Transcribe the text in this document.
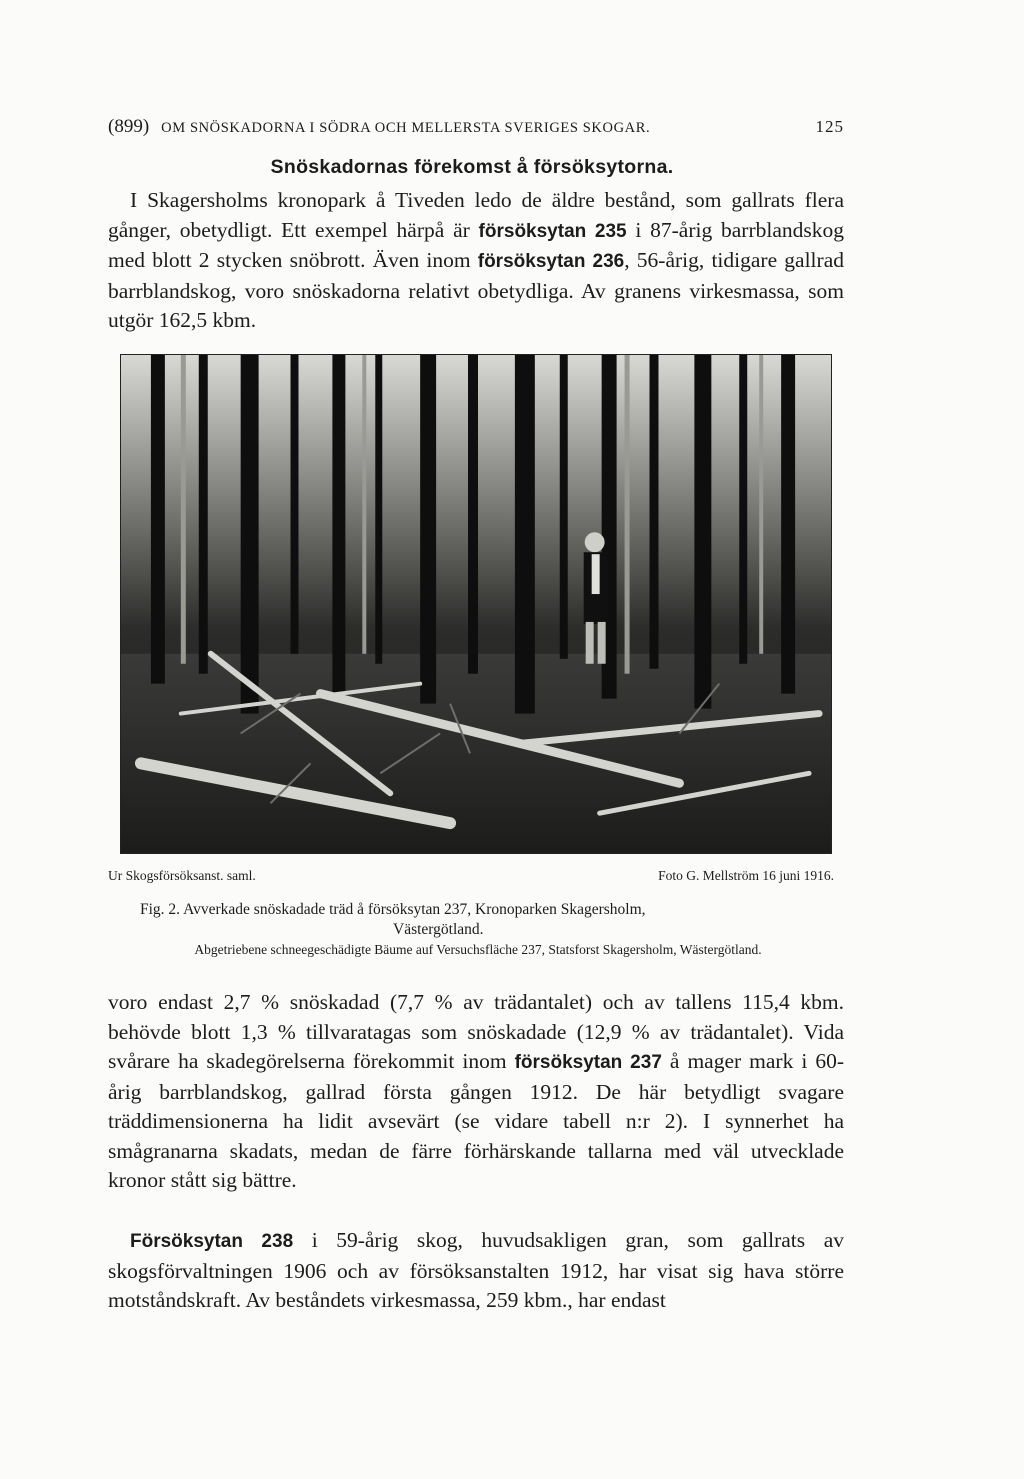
(899) OM SNÖSKADORNA I SÖDRA OCH MELLERSTA SVERIGES SKOGAR.	125
Snöskadornas förekomst å försöksytorna.
I Skagersholms kronopark å Tiveden ledo de äldre bestånd, som gallrats flera gånger, obetydligt. Ett exempel härpå är försöksytan 235 i 87-årig barrblandskog med blott 2 stycken snöbrott. Även inom försöksytan 236, 56-årig, tidigare gallrad barrblandskog, voro snöskadorna relativt obetydliga. Av granens virkesmassa, som utgör 162,5 kbm.
Ur Skogsförsöksanst. saml.	Foto G. Mellström 16 juni 1916.
Fig. 2. Avverkade snöskadade träd å försöksytan 237, Kronoparken Skagersholm,
Västergötland.
Abgetriebene schneegeschädigte Bäume auf Versuchsfläche 237, Statsforst Skagersholm, Wästergötland.
voro endast 2,7 % snöskadad (7,7 % av trädantalet) och av tallens 115,4 kbm. behövde blott 1,3 % tillvaratagas som snöskadade (12,9 % av trädantalet). Vida svårare ha skadegörelserna förekommit inom försöksytan 237 å mager mark i 60-årig barrblandskog, gallrad första gången 1912. De här betydligt svagare träddimensionerna ha lidit avsevärt (se vidare tabell n:r 2). I synnerhet ha smågranarna skadats, medan de färre förhärskande tallarna med väl utvecklade kronor stått sig bättre.
Försöksytan 238 i 59-årig skog, huvudsakligen gran, som gallrats av skogsförvaltningen 1906 och av försöksanstalten 1912, har visat sig hava större motståndskraft. Av beståndets virkesmassa, 259 kbm., har endast
